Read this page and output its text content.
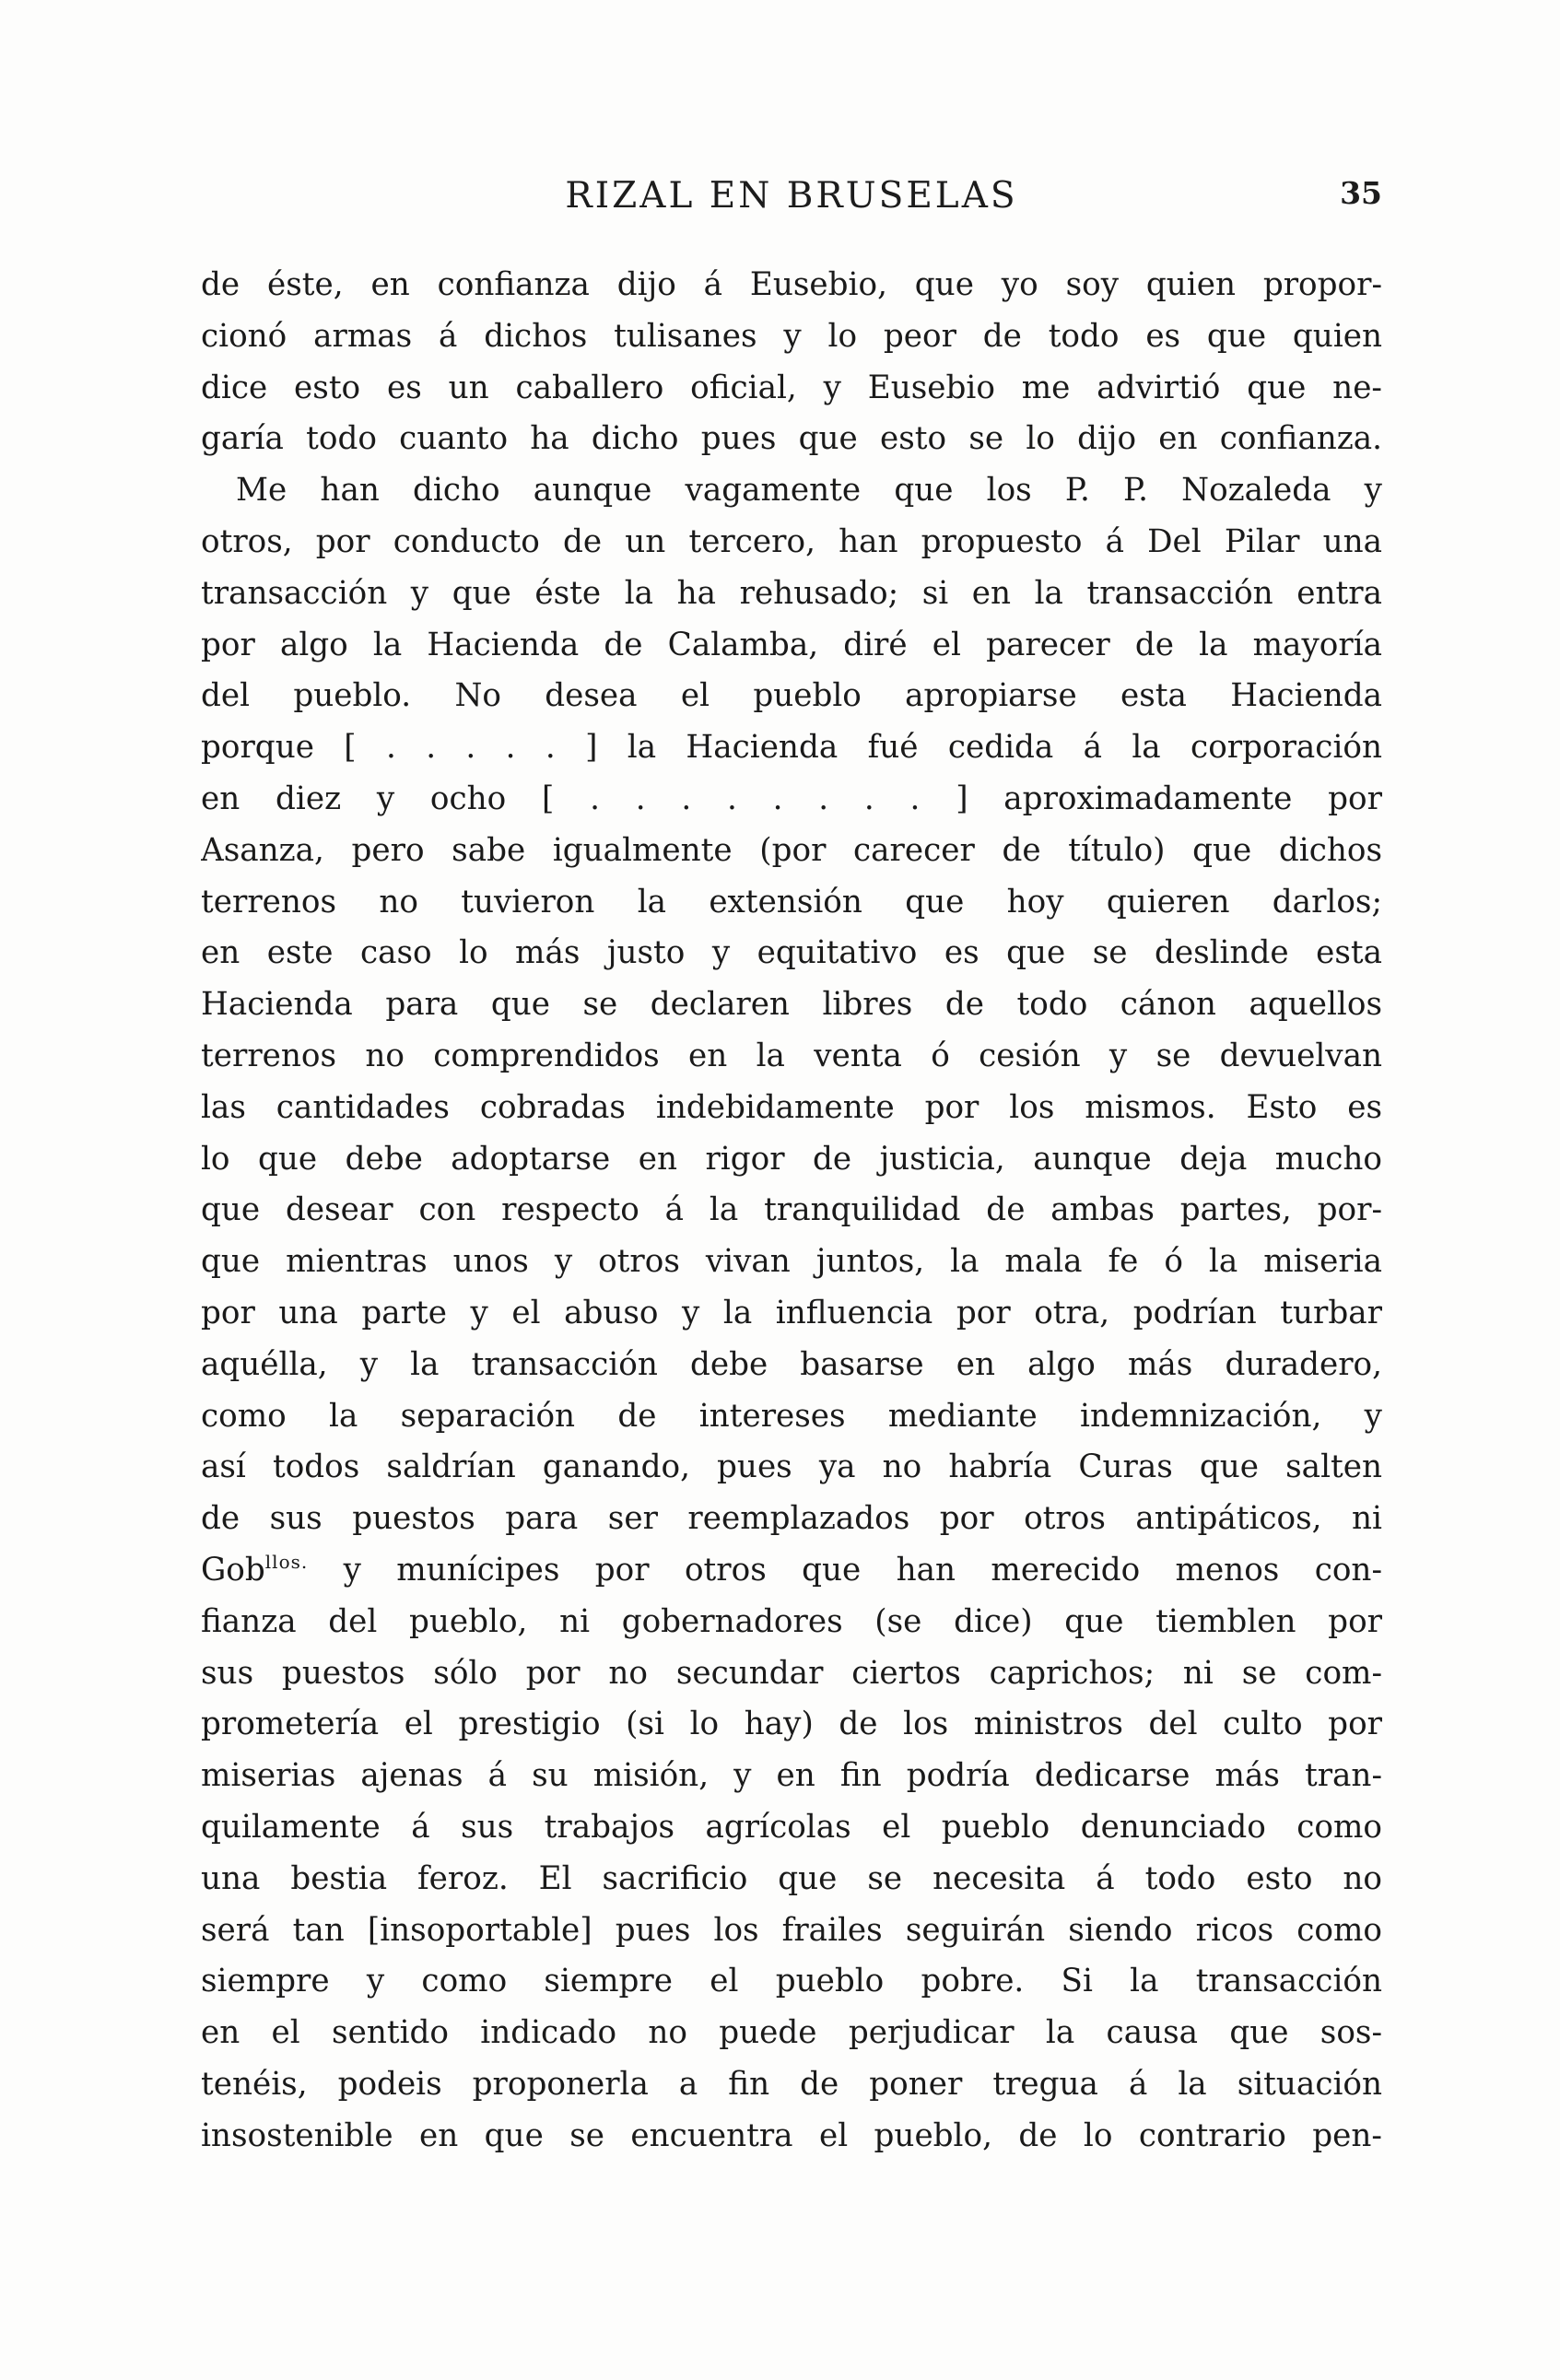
RIZAL EN BRUSELAS	35
de éste, en confianza dijo á Eusebio, que yo soy quien propor-
cionó armas á dichos tulisanes y lo peor de todo es que quien
dice esto es un caballero oficial, y Eusebio me advirtió que ne-
garía todo cuanto ha dicho pues que esto se lo dijo en confianza.
Me han dicho aunque vagamente que los P. P. Nozaleda y
otros, por conducto de un tercero, han propuesto á Del Pilar una
transacción y que éste la ha rehusado; si en la transacción entra
por algo la Hacienda de Calamba, diré el parecer de la mayoría
del pueblo. No desea el pueblo apropiarse esta Hacienda
porque [ . . . . . ] la Hacienda fué cedida á la corporación
en diez y ocho [ . . . . . . . . ] aproximadamente por
Asanza, pero sabe igualmente (por carecer de título) que dichos
terrenos no tuvieron la extensión que hoy quieren darlos;
en este caso lo más justo y equitativo es que se deslinde esta
Hacienda para que se declaren libres de todo cánon aquellos
terrenos no comprendidos en la venta ó cesión y se devuelvan
las cantidades cobradas indebidamente por los mismos. Esto es
lo que debe adoptarse en rigor de justicia, aunque deja mucho
que desear con respecto á la tranquilidad de ambas partes, por-
que mientras unos y otros vivan juntos, la mala fe ó la miseria
por una parte y el abuso y la influencia por otra, podrían turbar
aquélla, y la transacción debe basarse en algo más duradero,
como la separación de intereses mediante indemnización, y
así todos saldrían ganando, pues ya no habría Curas que salten
de sus puestos para ser reemplazados por otros antipáticos, ni
Gob$^{llos.}$ y munícipes por otros que han merecido menos con-
fianza del pueblo, ni gobernadores (se dice) que tiemblen por
sus puestos sólo por no secundar ciertos caprichos; ni se com-
prometería el prestigio (si lo hay) de los ministros del culto por
miserias ajenas á su misión, y en fin podría dedicarse más tran-
quilamente á sus trabajos agrícolas el pueblo denunciado como
una bestia feroz. El sacrificio que se necesita á todo esto no
será tan [insoportable] pues los frailes seguirán siendo ricos como
siempre y como siempre el pueblo pobre. Si la transacción
en el sentido indicado no puede perjudicar la causa que sos-
tenéis, podeis proponerla a fin de poner tregua á la situación
insostenible en que se encuentra el pueblo, de lo contrario pen-
